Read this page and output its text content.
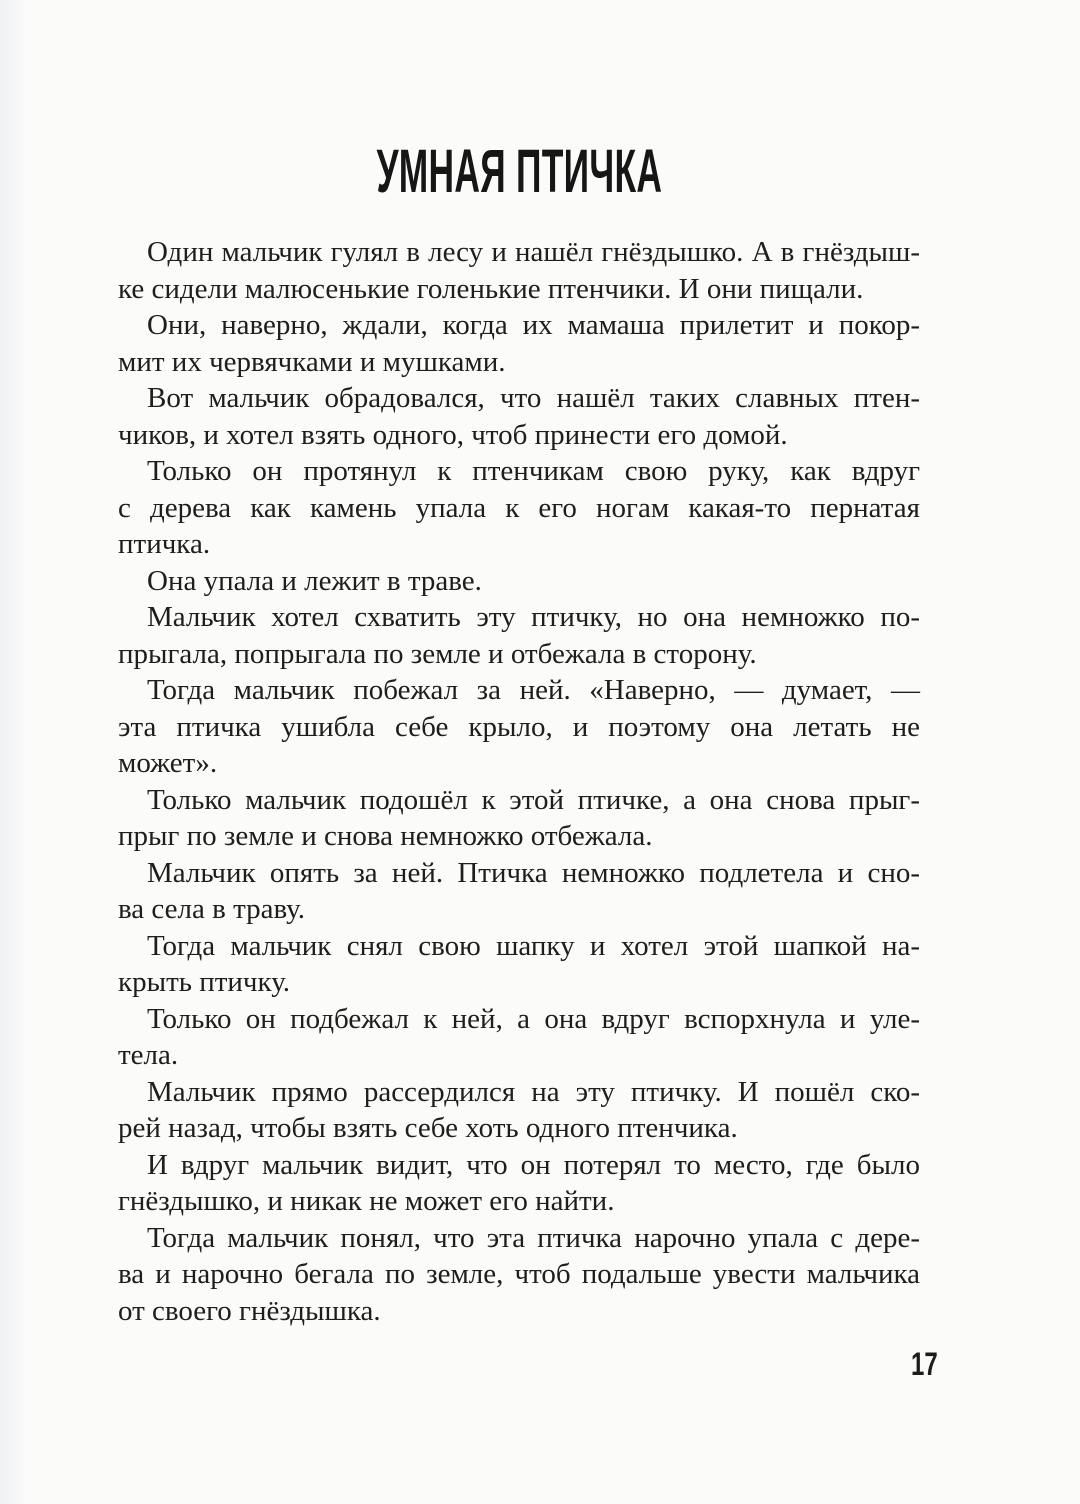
УМНАЯ ПТИЧКА
Один мальчик гулял в лесу и нашёл гнёздышко. А в гнёздыш-
ке сидели малюсенькие голенькие птенчики. И они пищали.
Они, наверно, ждали, когда их мамаша прилетит и покор-
мит их червячками и мушками.
Вот мальчик обрадовался, что нашёл таких славных птен-
чиков, и хотел взять одного, чтоб принести его домой.
Только он протянул к птенчикам свою руку, как вдруг
с дерева как камень упала к его ногам какая-то пернатая
птичка.
Она упала и лежит в траве.
Мальчик хотел схватить эту птичку, но она немножко по-
прыгала, попрыгала по земле и отбежала в сторону.
Тогда мальчик побежал за ней. «Наверно, — думает, —
эта птичка ушибла себе крыло, и поэтому она летать не
может».
Только мальчик подошёл к этой птичке, а она снова прыг-
прыг по земле и снова немножко отбежала.
Мальчик опять за ней. Птичка немножко подлетела и сно-
ва села в траву.
Тогда мальчик снял свою шапку и хотел этой шапкой на-
крыть птичку.
Только он подбежал к ней, а она вдруг вспорхнула и уле-
тела.
Мальчик прямо рассердился на эту птичку. И пошёл ско-
рей назад, чтобы взять себе хоть одного птенчика.
И вдруг мальчик видит, что он потерял то место, где было
гнёздышко, и никак не может его найти.
Тогда мальчик понял, что эта птичка нарочно упала с дере-
ва и нарочно бегала по земле, чтоб подальше увести мальчика
от своего гнёздышка.
17
